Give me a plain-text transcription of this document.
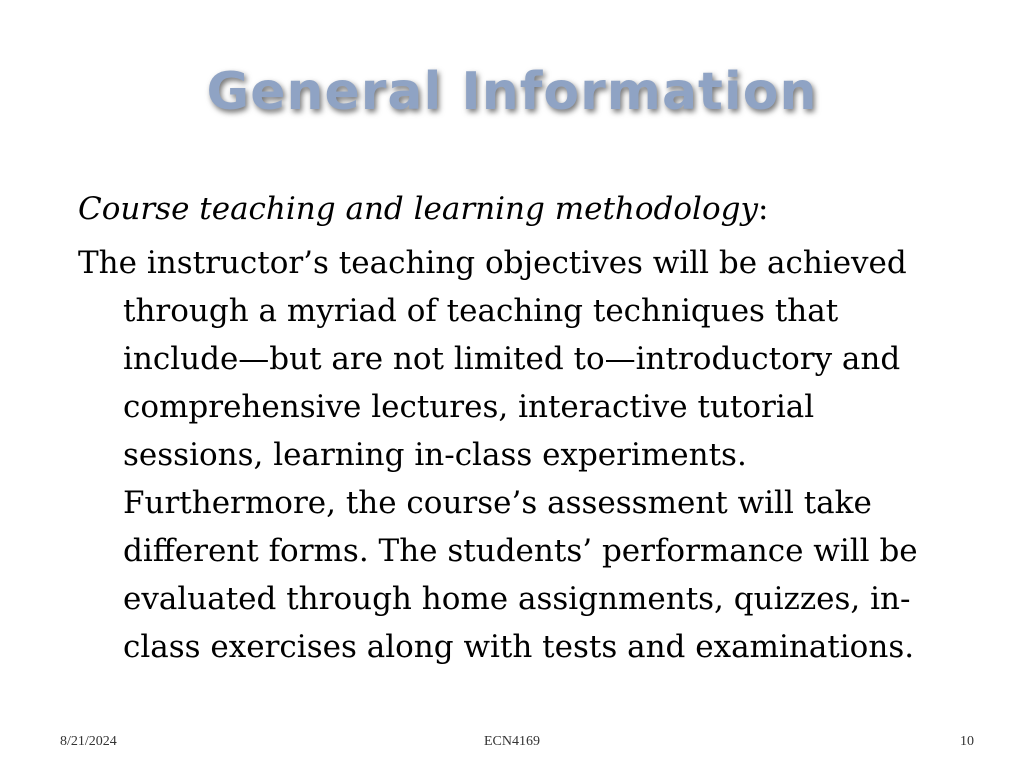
General Information

Course teaching and learning methodology:

The instructor’s teaching objectives will be achieved through a myriad of teaching techniques that include—but are not limited to—introductory and comprehensive lectures, interactive tutorial sessions, learning in-class experiments. Furthermore, the course’s assessment will take different forms. The students’ performance will be evaluated through home assignments, quizzes, in-class exercises along with tests and examinations.

ECN4169
8/21/2024	10
